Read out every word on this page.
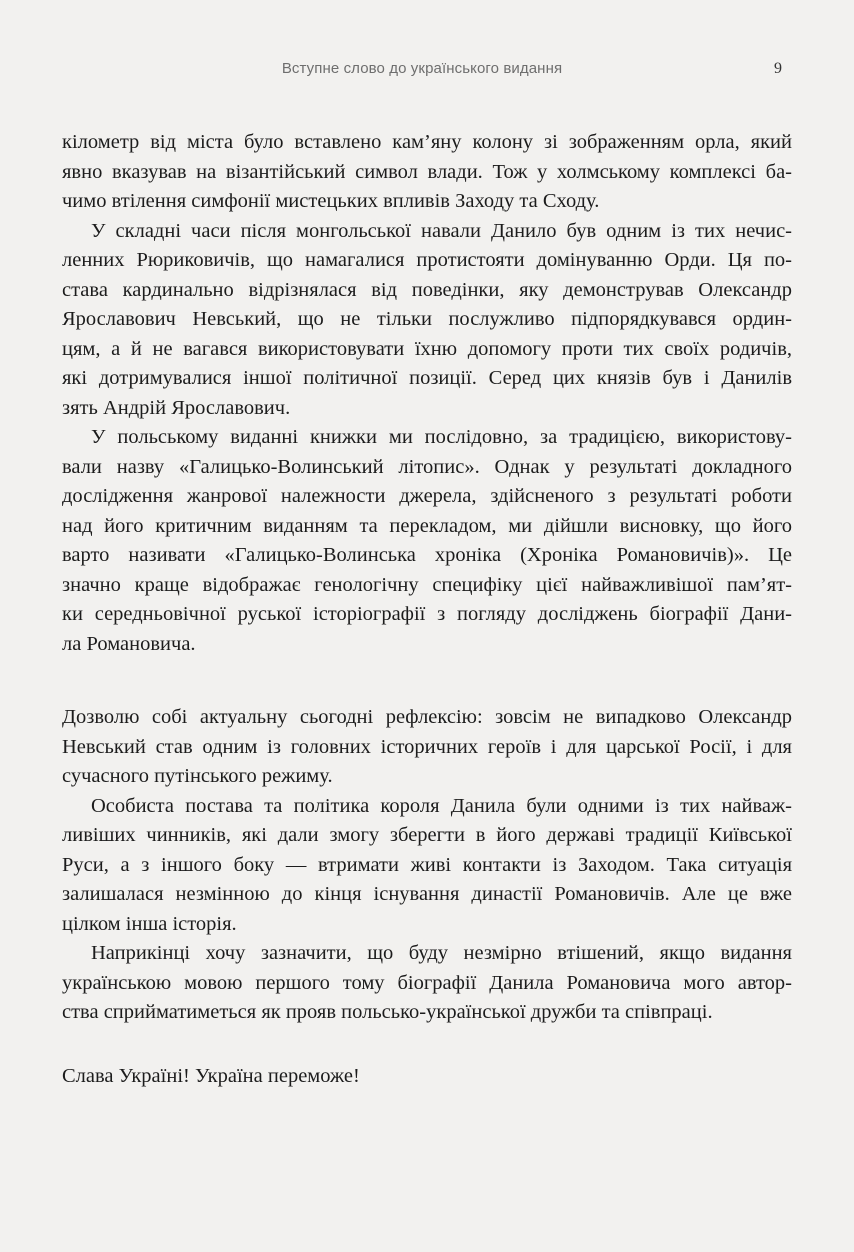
Вступне слово до українського видання	9
кілометр від міста було вставлено кам’яну колону зі зображенням орла, який
явно вказував на візантійський символ влади. Тож у холмському комплексі ба-
чимо втілення симфонії мистецьких впливів Заходу та Сходу.
У складні часи після монгольської навали Данило був одним із тих нечис-
ленних Рюриковичів, що намагалися протистояти домінуванню Орди. Ця по-
става кардинально відрізнялася від поведінки, яку демонстрував Олександр
Ярославович Невський, що не тільки послужливо підпорядкувався ордин-
цям, а й не вагався використовувати їхню допомогу проти тих своїх родичів,
які дотримувалися іншої політичної позиції. Серед цих князів був і Данилів
зять Андрій Ярославович.
У польському виданні книжки ми послідовно, за традицією, використову-
вали назву «Галицько-Волинський літопис». Однак у результаті докладного
дослідження жанрової належности джерела, здійсненого з результаті роботи
над його критичним виданням та перекладом, ми дійшли висновку, що його
варто називати «Галицько-Волинська хроніка (Хроніка Романовичів)». Це
значно краще відображає генологічну специфіку цієї найважливішої пам’ят-
ки середньовічної руської історіографії з погляду досліджень біографії Дани-
ла Романовича.
Дозволю собі актуальну сьогодні рефлексію: зовсім не випадково Олександр
Невський став одним із головних історичних героїв і для царської Росії, і для
сучасного путінського режиму.
Особиста постава та політика короля Данила були одними із тих найваж-
ливіших чинників, які дали змогу зберегти в його державі традиції Київської
Руси, а з іншого боку — втримати живі контакти із Заходом. Така ситуація
залишалася незмінною до кінця існування династії Романовичів. Але це вже
цілком інша історія.
Наприкінці хочу зазначити, що буду незмірно втішений, якщо видання
українською мовою першого тому біографії Данила Романовича мого автор-
ства сприйматиметься як прояв польсько-української дружби та співпраці.
Слава Україні! Україна переможе!
